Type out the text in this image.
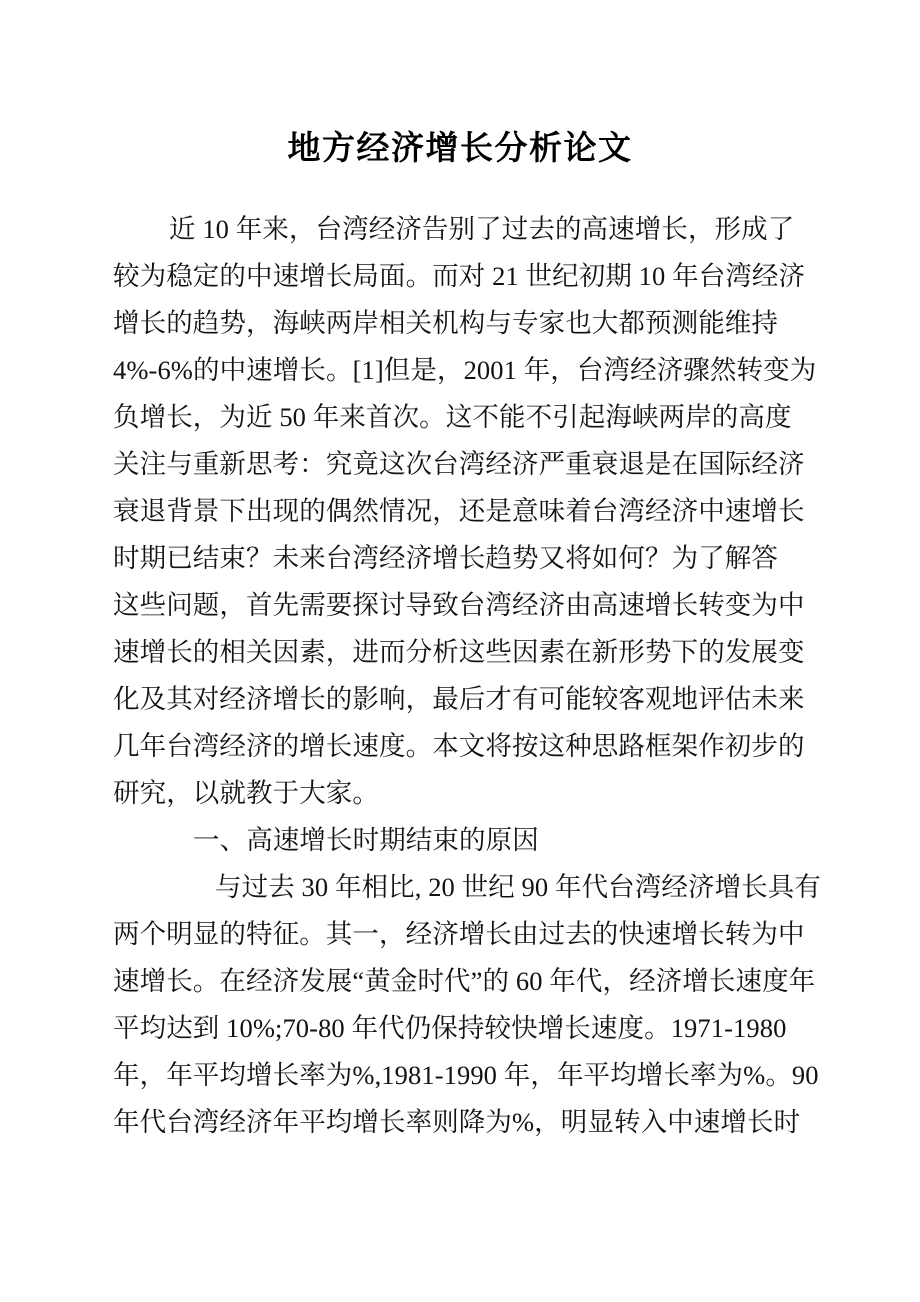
地方经济增长分析论文
近 10 年来，台湾经济告别了过去的高速增长，形成了
较为稳定的中速增长局面。而对 21 世纪初期 10 年台湾经济
增长的趋势，海峡两岸相关机构与专家也大都预测能维持
4%-6%的中速增长。[1]但是，2001 年，台湾经济骤然转变为
负增长，为近 50 年来首次。这不能不引起海峡两岸的高度
关注与重新思考：究竟这次台湾经济严重衰退是在国际经济
衰退背景下出现的偶然情况，还是意味着台湾经济中速增长
时期已结束？未来台湾经济增长趋势又将如何？为了解答
这些问题，首先需要探讨导致台湾经济由高速增长转变为中
速增长的相关因素，进而分析这些因素在新形势下的发展变
化及其对经济增长的影响，最后才有可能较客观地评估未来
几年台湾经济的增长速度。本文将按这种思路框架作初步的
研究，以就教于大家。
一、高速增长时期结束的原因
与过去 30 年相比, 20 世纪 90 年代台湾经济增长具有
两个明显的特征。其一，经济增长由过去的快速增长转为中
速增长。在经济发展“黄金时代”的 60 年代，经济增长速度年
平均达到 10%;70-80 年代仍保持较快增长速度。1971-1980
年，年平均增长率为%,1981-1990 年，年平均增长率为%。90
年代台湾经济年平均增长率则降为%，明显转入中速增长时
